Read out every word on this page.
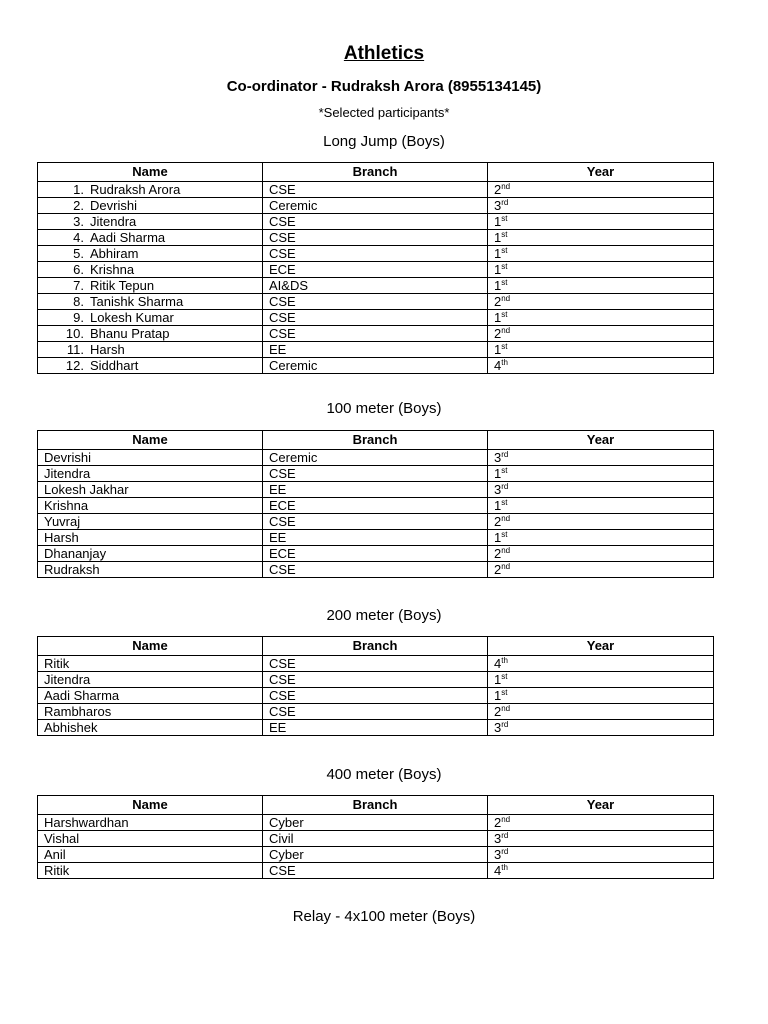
Athletics
Co-ordinator - Rudraksh Arora (8955134145)
*Selected participants*
Long Jump (Boys)
Name	Branch	Year
1. Rudraksh Arora	CSE	2nd
2. Devrishi	Ceremic	3rd
3. Jitendra	CSE	1st
4. Aadi Sharma	CSE	1st
5. Abhiram	CSE	1st
6. Krishna	ECE	1st
7. Ritik Tepun	AI&DS	1st
8. Tanishk Sharma	CSE	2nd
9. Lokesh Kumar	CSE	1st
10. Bhanu Pratap	CSE	2nd
11. Harsh	EE	1st
12. Siddhart	Ceremic	4th
100 meter (Boys)
Name	Branch	Year
Devrishi	Ceremic	3rd
Jitendra	CSE	1st
Lokesh Jakhar	EE	3rd
Krishna	ECE	1st
Yuvraj	CSE	2nd
Harsh	EE	1st
Dhananjay	ECE	2nd
Rudraksh	CSE	2nd
200 meter (Boys)
Name	Branch	Year
Ritik	CSE	4th
Jitendra	CSE	1st
Aadi Sharma	CSE	1st
Rambharos	CSE	2nd
Abhishek	EE	3rd
400 meter (Boys)
Name	Branch	Year
Harshwardhan	Cyber	2nd
Vishal	Civil	3rd
Anil	Cyber	3rd
Ritik	CSE	4th
Relay - 4x100 meter (Boys)
